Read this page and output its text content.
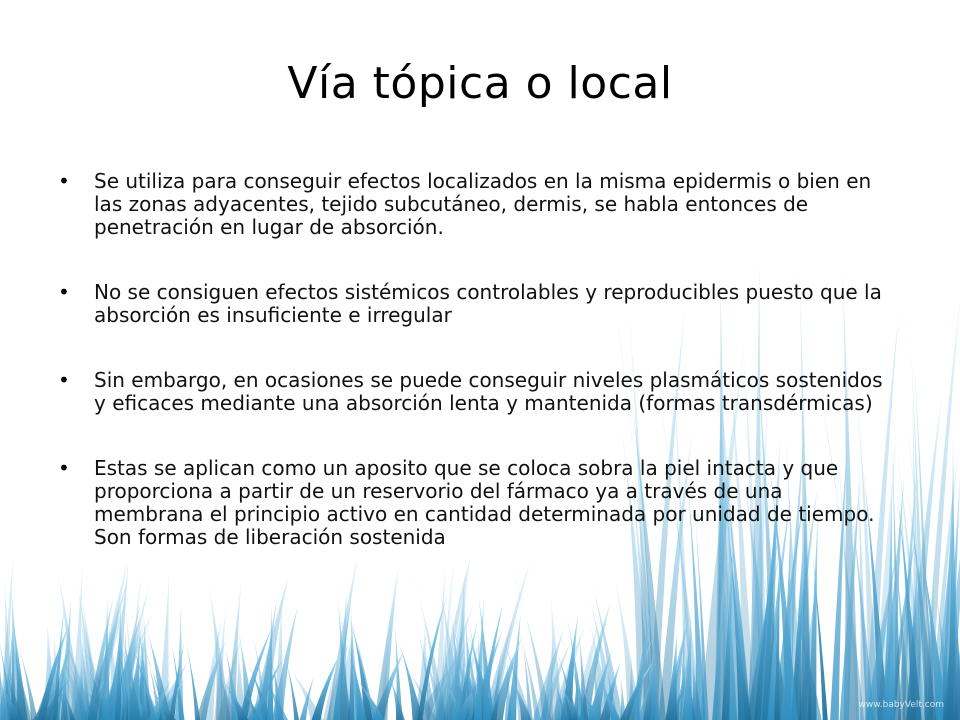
Vía tópica o local
• Se utiliza para conseguir efectos localizados en la misma epidermis o bien en las zonas adyacentes, tejido subcutáneo, dermis, se habla entonces de penetración en lugar de absorción.
• No se consiguen efectos sistémicos controlables y reproducibles puesto que la absorción es insuficiente e irregular
• Sin embargo, en ocasiones se puede conseguir niveles plasmáticos sostenidos y eficaces mediante una absorción lenta y mantenida (formas transdérmicas)
• Estas se aplican como un aposito que se coloca sobra la piel intacta y que proporciona a partir de un reservorio del fármaco ya a través de una membrana el principio activo en cantidad determinada por unidad de tiempo. Son formas de liberación sostenida
www.babyVelt.com
